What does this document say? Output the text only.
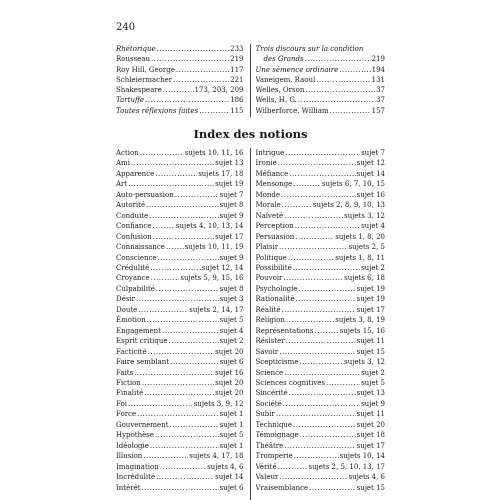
240
Rhétorique .....	233
Rousseau .....	219
Roy Hill, George .....	117
Schleiermacher .....	221
Shakespeare .....	173, 203, 209
Tartuffe .....	186
Toutes réflexions faites .....	115
Trois discours sur la condition
des Grands .....	219
Une sémence ordinaire .....	194
Vaneigem, Raoul .....	131
Welles, Orson .....	37
Wells, H. G. .....	37
Wilberforce, William .....	157
Index des notions
Action .....	sujets 10, 11, 16
Ami .....	sujet 13
Apparence .....	sujets 17, 18
Art .....	sujet 19
Auto-persuasion .....	sujet 7
Autorité .....	sujet 8
Conduite .....	sujet 9
Confiance .....	sujets 4, 10, 13, 14
Confusion .....	sujet 17
Connaissance .....	sujets 10, 11, 19
Conscience .....	sujet 9
Crédulité .....	sujet 12, 14
Croyance .....	sujets 5, 9, 15, 16
Culpabilité .....	sujet 8
Désir .....	sujet 3
Doute .....	sujets 2, 14, 17
Émotion .....	sujet 5
Engagement .....	sujet 4
Esprit critique .....	sujet 2
Facticité .....	sujet 20
Faire semblant .....	sujet 6
Faits .....	sujet 16
Fiction .....	sujet 20
Finalité .....	sujet 20
Foi .....	sujets 3, 9, 12
Force .....	sujet 1
Gouvernement .....	sujet 1
Hypothèse .....	sujet 5
Idéologie .....	sujet 1
Illusion .....	sujets 4, 17, 18
Imagination .....	sujets 4, 6
Incrédulité .....	sujet 14
Intérêt .....	sujet 6
Intrigue .....	sujet 7
Ironie .....	sujet 12
Méfiance .....	sujet 14
Mensonge .....	sujets 6, 7, 10, 15
Monde .....	sujet 16
Morale .....	sujets 2, 8, 9, 10, 13
Naïveté .....	sujets 3, 12
Perception .....	sujet 4
Persuasion .....	sujets 1, 8, 20
Plaisir .....	sujets 2, 5
Politique .....	sujets 1, 8, 11
Possibilité .....	sujet 2
Pouvoir .....	sujets 6, 18
Psychologie .....	sujet 19
Rationalité .....	sujet 19
Réalité .....	sujet 17
Religion .....	sujets 3, 8, 19
Représentations .....	sujets 15, 16
Résister .....	sujet 11
Savoir .....	sujet 15
Scepticisme .....	sujets 3, 12
Science .....	sujet 2
Sciences cognitives .....	sujet 5
Sincérité .....	sujet 13
Société .....	sujet 9
Subir .....	sujet 11
Technique .....	sujet 20
Témoignage .....	sujet 18
Théâtre .....	sujet 17
Tromperie .....	sujets 10, 14
Vérité .....	sujets 2, 5, 10, 13, 17
Valeur .....	sujets 4, 6
Vraisemblance .....	sujet 15
